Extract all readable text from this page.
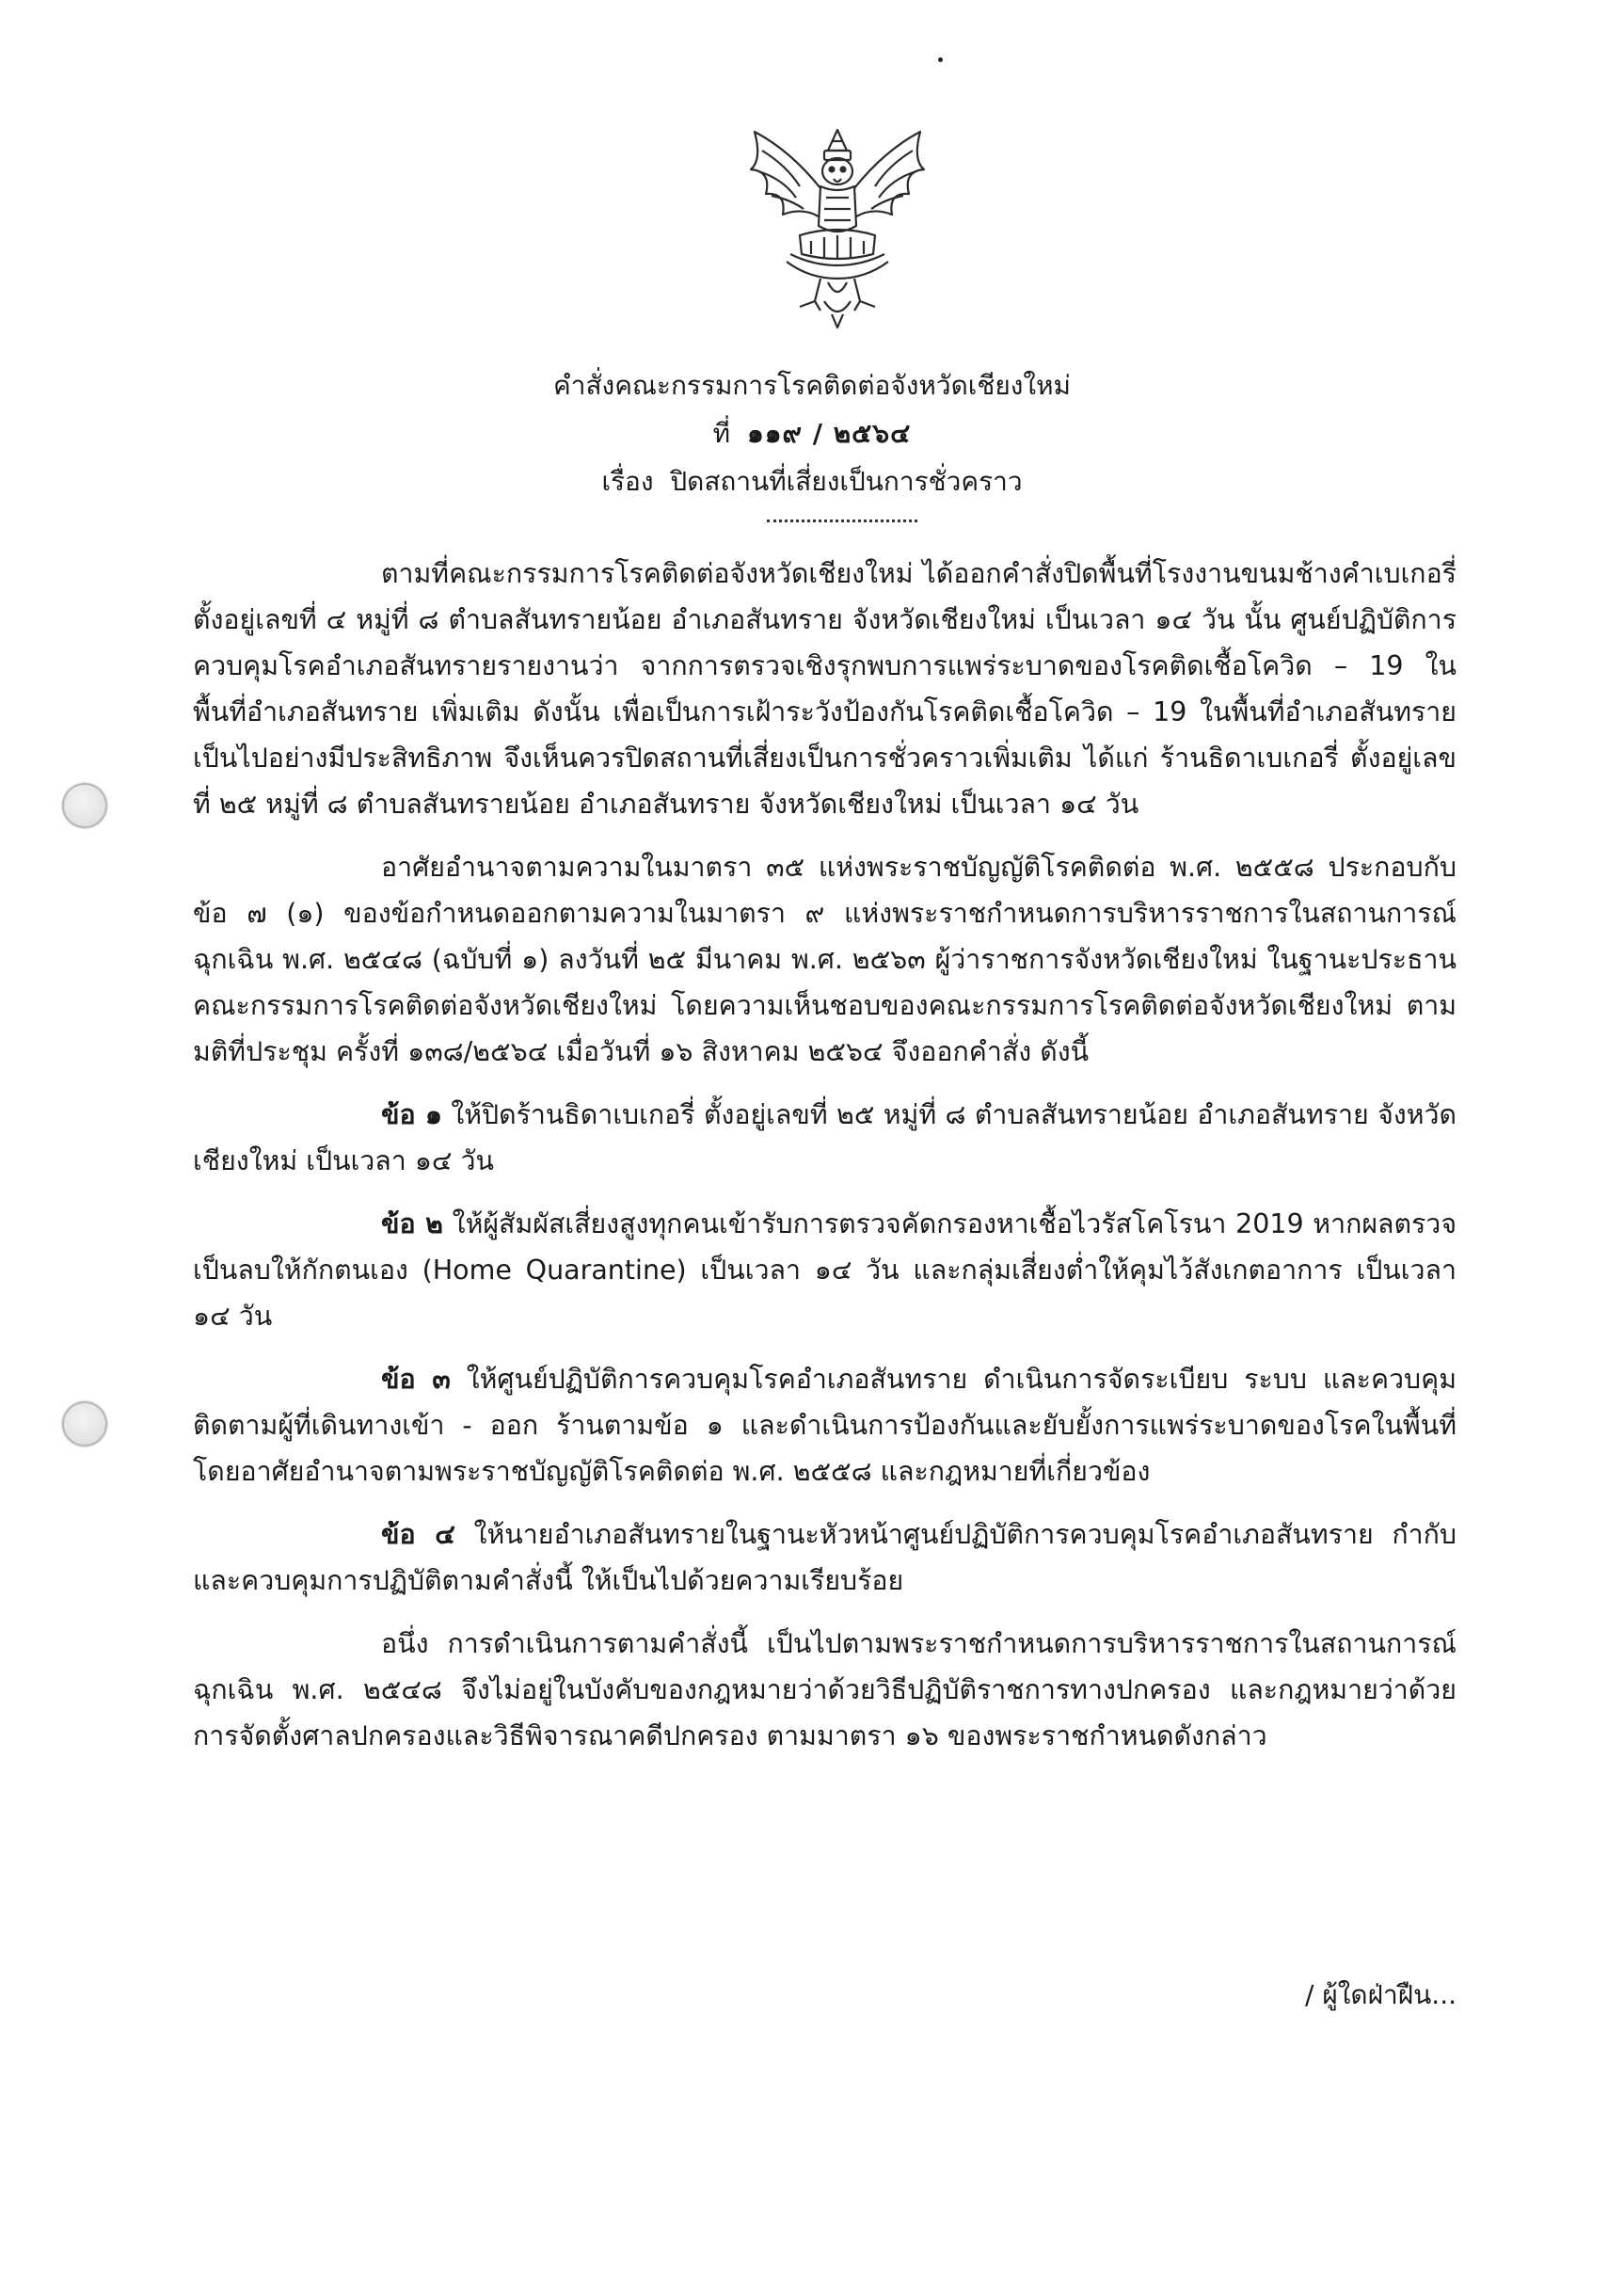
คำสั่งคณะกรรมการโรคติดต่อจังหวัดเชียงใหม่
ที่ ๑๑๙ / ๒๕๖๔
เรื่อง ปิดสถานที่เสี่ยงเป็นการชั่วคราว

ตามที่คณะกรรมการโรคติดต่อจังหวัดเชียงใหม่ ได้ออกคำสั่งปิดพื้นที่โรงงานขนมช้างคำเบเกอรี่ ตั้งอยู่เลขที่ ๔ หมู่ที่ ๘ ตำบลสันทรายน้อย อำเภอสันทราย จังหวัดเชียงใหม่ เป็นเวลา ๑๔ วัน นั้น ศูนย์ปฏิบัติการควบคุมโรคอำเภอสันทรายรายงานว่า จากการตรวจเชิงรุกพบการแพร่ระบาดของโรคติดเชื้อโควิด – 19 ในพื้นที่อำเภอสันทราย เพิ่มเติม ดังนั้น เพื่อเป็นการเฝ้าระวังป้องกันโรคติดเชื้อโควิด – 19 ในพื้นที่อำเภอสันทราย เป็นไปอย่างมีประสิทธิภาพ จึงเห็นควรปิดสถานที่เสี่ยงเป็นการชั่วคราวเพิ่มเติม ได้แก่ ร้านธิดาเบเกอรี่ ตั้งอยู่เลขที่ ๒๕ หมู่ที่ ๘ ตำบลสันทรายน้อย อำเภอสันทราย จังหวัดเชียงใหม่ เป็นเวลา ๑๔ วัน

อาศัยอำนาจตามความในมาตรา ๓๕ แห่งพระราชบัญญัติโรคติดต่อ พ.ศ. ๒๕๕๘ ประกอบกับ ข้อ ๗ (๑) ของข้อกำหนดออกตามความในมาตรา ๙ แห่งพระราชกำหนดการบริหารราชการในสถานการณ์ฉุกเฉิน พ.ศ. ๒๕๔๘ (ฉบับที่ ๑) ลงวันที่ ๒๕ มีนาคม พ.ศ. ๒๕๖๓ ผู้ว่าราชการจังหวัดเชียงใหม่ ในฐานะประธานคณะกรรมการโรคติดต่อจังหวัดเชียงใหม่ โดยความเห็นชอบของคณะกรรมการโรคติดต่อจังหวัดเชียงใหม่ ตามมติที่ประชุม ครั้งที่ ๑๓๘/๒๕๖๔ เมื่อวันที่ ๑๖ สิงหาคม ๒๕๖๔ จึงออกคำสั่ง ดังนี้

ข้อ ๑ ให้ปิดร้านธิดาเบเกอรี่ ตั้งอยู่เลขที่ ๒๕ หมู่ที่ ๘ ตำบลสันทรายน้อย อำเภอสันทราย จังหวัดเชียงใหม่ เป็นเวลา ๑๔ วัน

ข้อ ๒ ให้ผู้สัมผัสเสี่ยงสูงทุกคนเข้ารับการตรวจคัดกรองหาเชื้อไวรัสโคโรนา 2019 หากผลตรวจเป็นลบให้กักตนเอง (Home Quarantine) เป็นเวลา ๑๔ วัน และกลุ่มเสี่ยงต่ำให้คุมไว้สังเกตอาการ เป็นเวลา ๑๔ วัน

ข้อ ๓ ให้ศูนย์ปฏิบัติการควบคุมโรคอำเภอสันทราย ดำเนินการจัดระเบียบ ระบบ และควบคุมติดตามผู้ที่เดินทางเข้า - ออก ร้านตามข้อ ๑ และดำเนินการป้องกันและยับยั้งการแพร่ระบาดของโรคในพื้นที่ โดยอาศัยอำนาจตามพระราชบัญญัติโรคติดต่อ พ.ศ. ๒๕๕๘ และกฎหมายที่เกี่ยวข้อง

ข้อ ๔ ให้นายอำเภอสันทรายในฐานะหัวหน้าศูนย์ปฏิบัติการควบคุมโรคอำเภอสันทราย กำกับและควบคุมการปฏิบัติตามคำสั่งนี้ ให้เป็นไปด้วยความเรียบร้อย

อนึ่ง การดำเนินการตามคำสั่งนี้ เป็นไปตามพระราชกำหนดการบริหารราชการในสถานการณ์ฉุกเฉิน พ.ศ. ๒๕๔๘ จึงไม่อยู่ในบังคับของกฎหมายว่าด้วยวิธีปฏิบัติราชการทางปกครอง และกฎหมายว่าด้วยการจัดตั้งศาลปกครองและวิธีพิจารณาคดีปกครอง ตามมาตรา ๑๖ ของพระราชกำหนดดังกล่าว

/ ผู้ใดฝ่าฝืน...
